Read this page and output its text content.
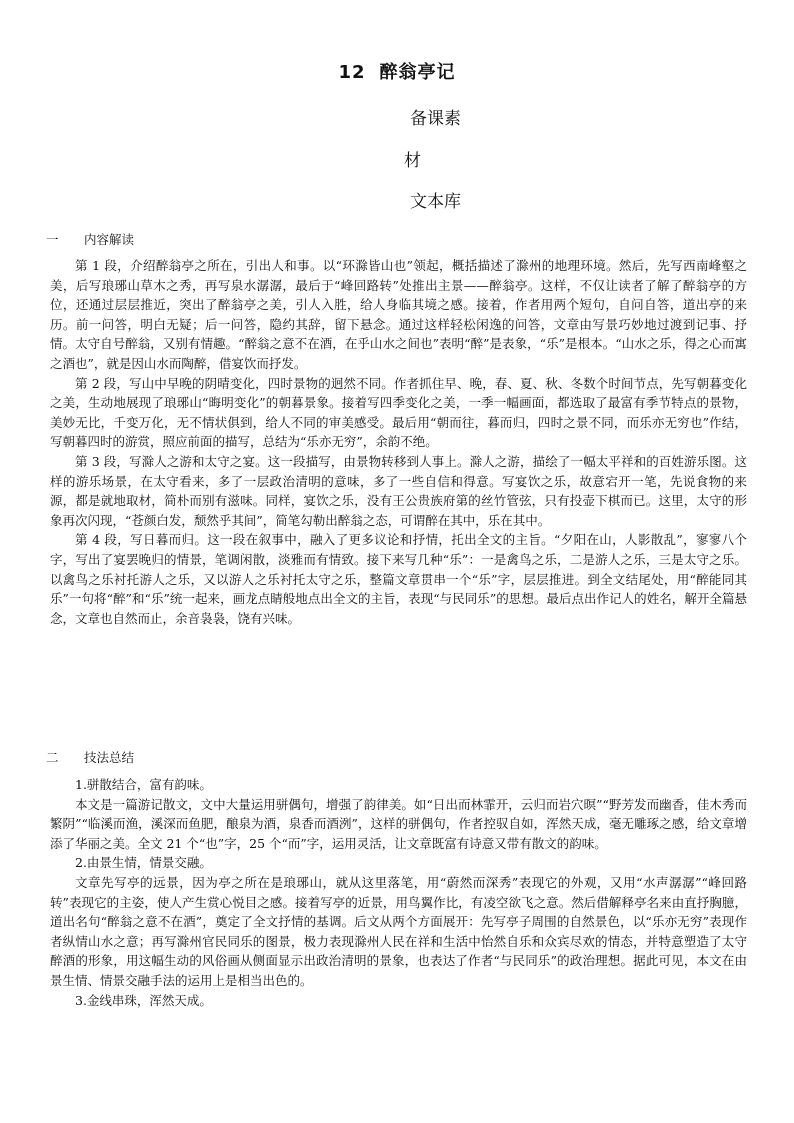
12 醉翁亭记
备课素
材
文本库
一 内容解读

第 1 段，介绍醉翁亭之所在，引出人和事。以“环滁皆山也”领起，概括描述了滁州的地理环境。然后，先写西南峰壑之美，后写琅琊山草木之秀，再写泉水潺潺，最后于“峰回路转”处推出主景——醉翁亭。这样，不仅让读者了解了醉翁亭的方位，还通过层层推近，突出了醉翁亭之美，引人入胜，给人身临其境之感。接着，作者用两个短句，自问自答，道出亭的来历。前一问答，明白无疑；后一问答，隐约其辞，留下悬念。通过这样轻松闲逸的问答，文章由写景巧妙地过渡到记事、抒情。太守自号醉翁，又别有情趣。“醉翁之意不在酒，在乎山水之间也”表明“醉”是表象，“乐”是根本。“山水之乐，得之心而寓之酒也”，就是因山水而陶醉，借宴饮而抒发。

第 2 段，写山中早晚的阴晴变化，四时景物的迥然不同。作者抓住早、晚，春、夏、秋、冬数个时间节点，先写朝暮变化之美，生动地展现了琅琊山“晦明变化”的朝暮景象。接着写四季变化之美，一季一幅画面，都选取了最富有季节特点的景物，美妙无比，千变万化，无不情状俱到，给人不同的审美感受。最后用“朝而往，暮而归，四时之景不同，而乐亦无穷也”作结，写朝暮四时的游赏，照应前面的描写，总结为“乐亦无穷”，余韵不绝。

第 3 段，写滁人之游和太守之宴。这一段描写，由景物转移到人事上。滁人之游，描绘了一幅太平祥和的百姓游乐图。这样的游乐场景，在太守看来，多了一层政治清明的意味，多了一些自信和得意。写宴饮之乐，故意宕开一笔，先说食物的来源，都是就地取材，简朴而别有滋味。同样，宴饮之乐，没有王公贵族府第的丝竹管弦，只有投壶下棋而已。这里，太守的形象再次闪现，“苍颜白发，颓然乎其间”，简笔勾勒出醉翁之态，可谓醉在其中，乐在其中。

第 4 段，写日暮而归。这一段在叙事中，融入了更多议论和抒情，托出全文的主旨。“夕阳在山，人影散乱”，寥寥八个字，写出了宴罢晚归的情景，笔调闲散，淡雅而有情致。接下来写几种“乐”：一是禽鸟之乐，二是游人之乐，三是太守之乐。以禽鸟之乐衬托游人之乐，又以游人之乐衬托太守之乐，整篇文章贯串一个“乐”字，层层推进。到全文结尾处，用“醉能同其乐”一句将“醉”和“乐”统一起来，画龙点睛般地点出全文的主旨，表现“与民同乐”的思想。最后点出作记人的姓名，解开全篇悬念，文章也自然而止，余音袅袅，饶有兴味。

二 技法总结

1.骈散结合，富有韵味。

本文是一篇游记散文，文中大量运用骈偶句，增强了韵律美。如“日出而林霏开，云归而岩穴暝”“野芳发而幽香，佳木秀而繁阴”“临溪而渔，溪深而鱼肥，酿泉为酒，泉香而酒洌”，这样的骈偶句，作者控驭自如，浑然天成，毫无雕琢之感，给文章增添了华丽之美。全文 21 个“也”字，25 个“而”字，运用灵活，让文章既富有诗意又带有散文的韵味。

2.由景生情，情景交融。

文章先写亭的远景，因为亭之所在是琅琊山，就从这里落笔，用“蔚然而深秀”表现它的外观，又用“水声潺潺”“峰回路转”表现它的主姿，使人产生赏心悦目之感。接着写亭的近景，用鸟翼作比，有凌空欲飞之意。然后借解释亭名来由直抒胸臆，道出名句“醉翁之意不在酒”，奠定了全文抒情的基调。后文从两个方面展开：先写亭子周围的自然景色，以“乐亦无穷”表现作者纵情山水之意；再写滁州官民同乐的图景，极力表现滁州人民在祥和生活中怡然自乐和众宾尽欢的情态，并特意塑造了太守醉酒的形象，用这幅生动的风俗画从侧面显示出政治清明的景象，也表达了作者“与民同乐”的政治理想。据此可见，本文在由景生情、情景交融手法的运用上是相当出色的。

3.金线串珠，浑然天成。
